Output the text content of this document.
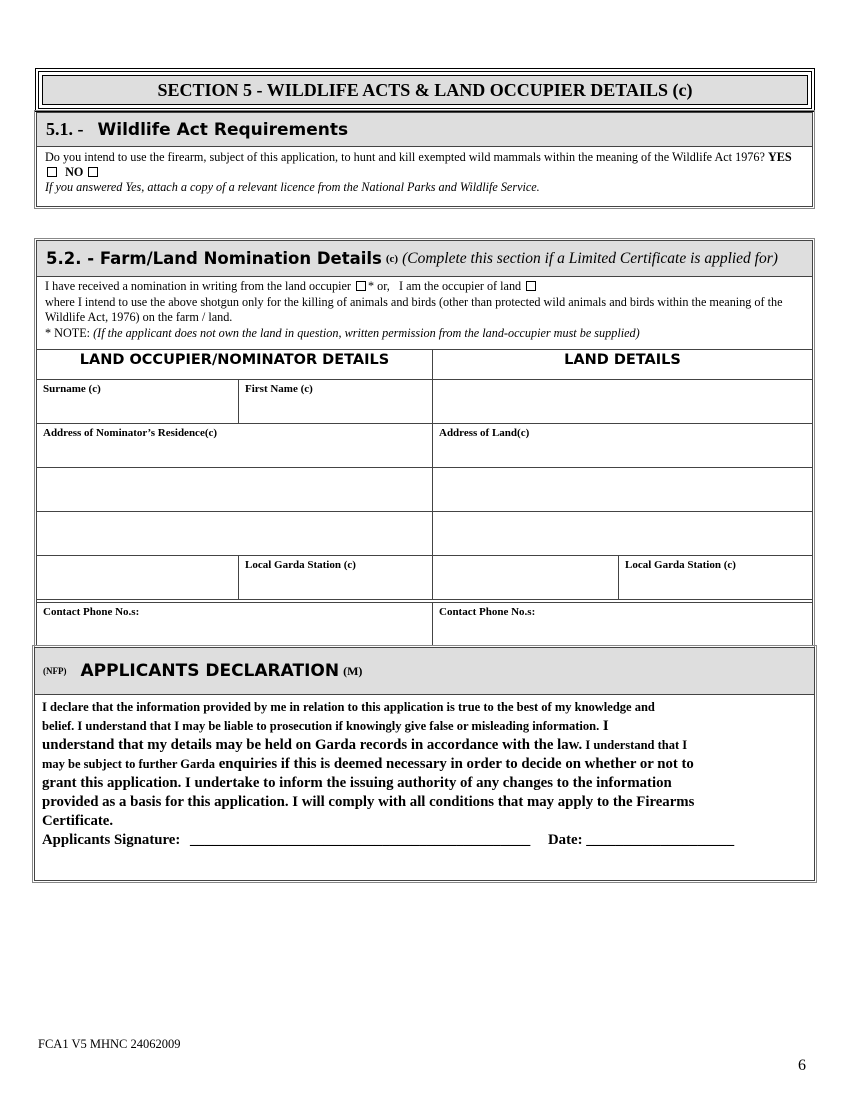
SECTION 5 - WILDLIFE ACTS & LAND OCCUPIER DETAILS (c)
5.1. - Wildlife Act Requirements
Do you intend to use the firearm, subject of this application, to hunt and kill exempted wild mammals within the meaning of the Wildlife Act 1976? YES   NO
If you answered Yes, attach a copy of a relevant licence from the National Parks and Wildlife Service.
5.2. - Farm/Land Nomination Details (c) (Complete this section if a Limited Certificate is applied for)
I have received a nomination in writing from the land occupier * or, I am the occupier of land
where I intend to use the above shotgun only for the killing of animals and birds (other than protected wild animals and birds within the meaning of the Wildlife Act, 1976) on the farm / land.
* NOTE: (If the applicant does not own the land in question, written permission from the land-occupier must be supplied)
LAND OCCUPIER/NOMINATOR DETAILS	LAND DETAILS
Surname (c)	First Name (c)
Address of Nominator’s Residence(c)	Address of Land(c)
Local Garda Station (c)	Local Garda Station (c)
Contact Phone No.s:	Contact Phone No.s:
(NFP) APPLICANTS DECLARATION (M)
I declare that the information provided by me in relation to this application is true to the best of my knowledge and
belief. I understand that I may be liable to prosecution if knowingly give false or misleading information. I
understand that my details may be held on Garda records in accordance with the law. I understand that I
may be subject to further Garda enquiries if this is deemed necessary in order to decide on whether or not to
grant this application. I undertake to inform the issuing authority of any changes to the information
provided as a basis for this application. I will comply with all conditions that may apply to the Firearms
Certificate.
Applicants Signature: ______________________________________________ Date: ____________________
FCA1 V5 MHNC 24062009
6
